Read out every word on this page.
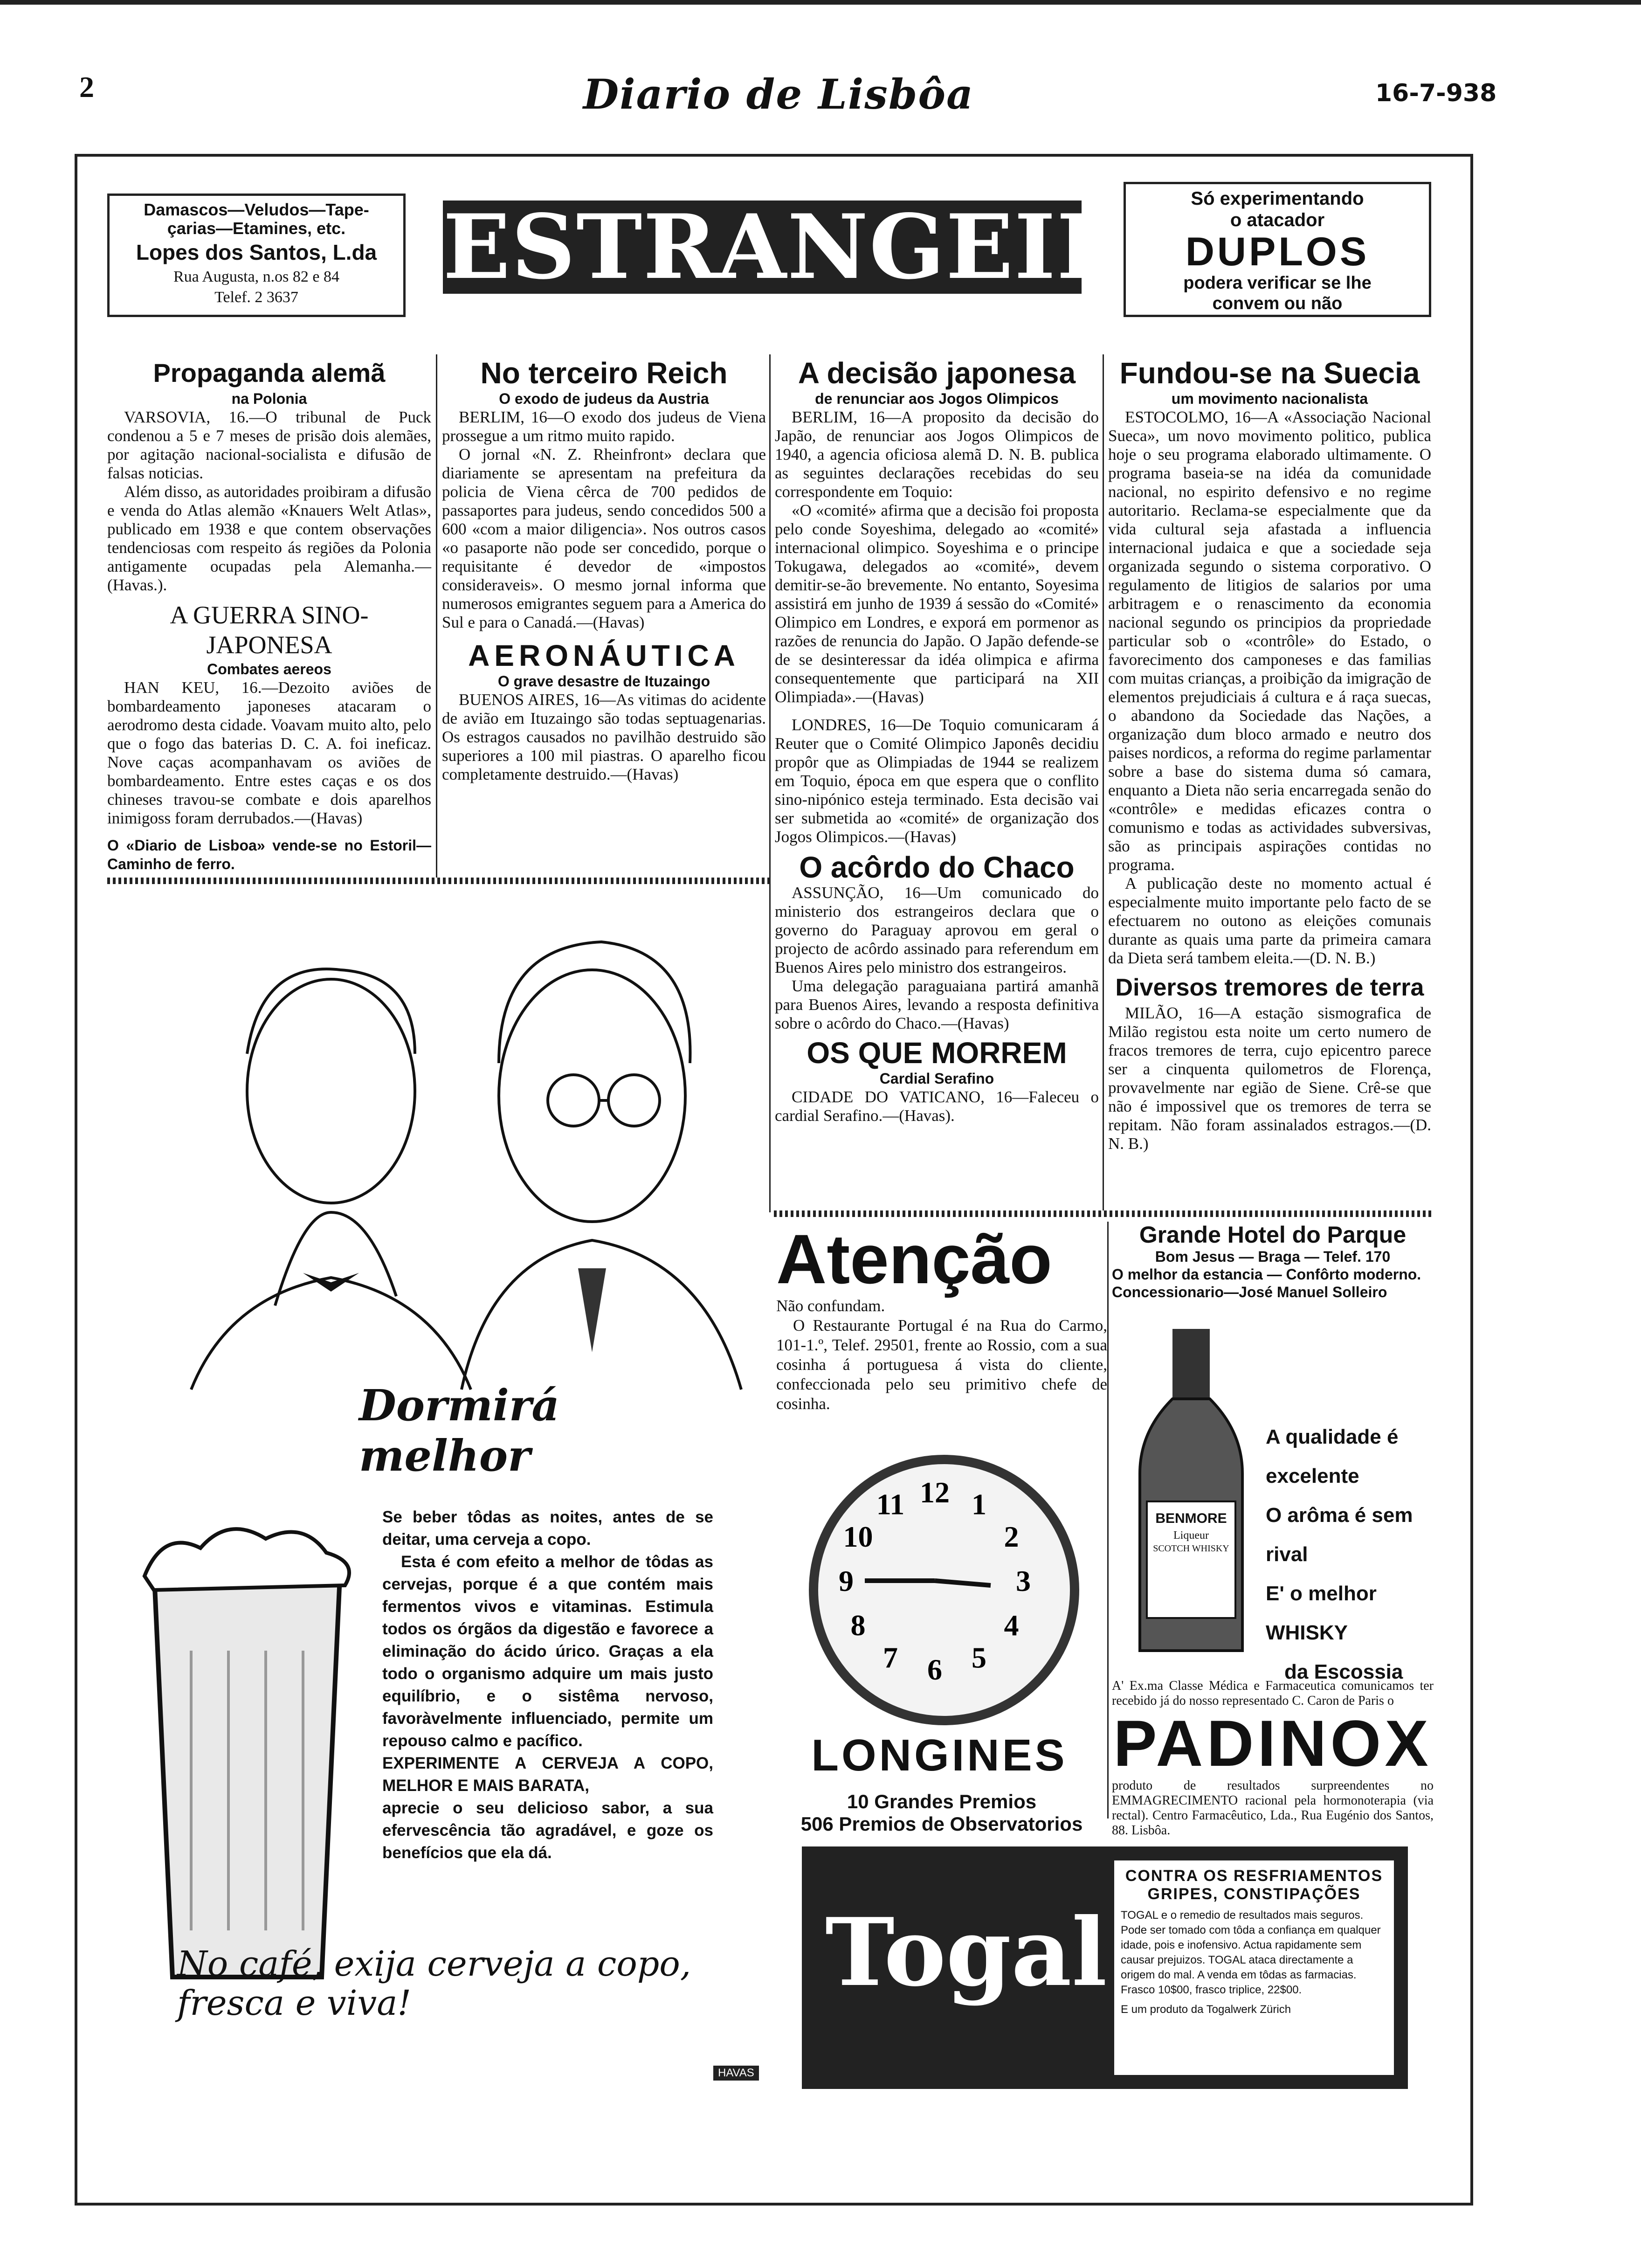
2	Diario de Lisbôa	16-7-938
Damascos—Veludos—Tape-
çarias—Etamines, etc.
Lopes dos Santos, L.da
Rua Augusta, n.os 82 e 84
Telef. 2 3637	ESTRANGEIRO
Só experimentando
o atacador
DUPLOS
podera verificar se lhe
convem ou não

Propaganda alemã

na Polonia

VARSOVIA, 16.—O tribunal de Puck condenou a 5 e 7 meses de prisão dois alemães, por agitação nacional-socialista e difusão de falsas noticias.

Além disso, as autoridades proibiram a difusão e venda do Atlas alemão «Knauers Welt Atlas», publicado em 1938 e que contem observações tendenciosas com respeito ás regiões da Polonia antigamente ocupadas pela Alemanha.—(Havas.).

A GUERRA SINO-JAPONESA

Combates aereos

HAN KEU, 16.—Dezoito aviões de bombardeamento japoneses atacaram o aerodromo desta cidade. Voavam muito alto, pelo que o fogo das baterias D. C. A. foi ineficaz. Nove caças acompanhavam os aviões de bombardeamento. Entre estes caças e os dos chineses travou-se combate e dois aparelhos inimigoss foram derrubados.—(Havas)

O «Diario de Lisboa» vende-se no Estoril—Caminho de ferro.

No terceiro Reich

O exodo de judeus da Austria

BERLIM, 16—O exodo dos judeus de Viena prossegue a um ritmo muito rapido.

O jornal «N. Z. Rheinfront» declara que diariamente se apresentam na prefeitura da policia de Viena cêrca de 700 pedidos de passaportes para judeus, sendo concedidos 500 a 600 «com a maior diligencia». Nos outros casos «o pasaporte não pode ser concedido, porque o requisitante é devedor de «impostos consideraveis». O mesmo jornal informa que numerosos emigrantes seguem para a America do Sul e para o Canadá.—(Havas)

AERONÁUTICA

O grave desastre de Ituzaingo

BUENOS AIRES, 16—As vitimas do acidente de avião em Ituzaingo são todas septuagenarias. Os estragos causados no pavilhão destruido são superiores a 100 mil piastras. O aparelho ficou completamente destruido.—(Havas)

A decisão japonesa

de renunciar aos Jogos Olimpicos

BERLIM, 16—A proposito da decisão do Japão, de renunciar aos Jogos Olimpicos de 1940, a agencia oficiosa alemã D. N. B. publica as seguintes declarações recebidas do seu correspondente em Toquio:

«O «comité» afirma que a decisão foi proposta pelo conde Soyeshima, delegado ao «comité» internacional olimpico. Soyeshima e o principe Tokugawa, delegados ao «comité», devem demitir-se-ão brevemente. No entanto, Soyesima assistirá em junho de 1939 á sessão do «Comité» Olimpico em Londres, e exporá em pormenor as razões de renuncia do Japão. O Japão defende-se de se desinteressar da idéa olimpica e afirma consequentemente que participará na XII Olimpiada».—(Havas)

LONDRES, 16—De Toquio comunicaram á Reuter que o Comité Olimpico Japonês decidiu propôr que as Olimpiadas de 1944 se realizem em Toquio, época em que espera que o conflito sino-nipónico esteja terminado. Esta decisão vai ser submetida ao «comité» de organização dos Jogos Olimpicos.—(Havas)

O acôrdo do Chaco

ASSUNÇÃO, 16—Um comunicado do ministerio dos estrangeiros declara que o governo do Paraguay aprovou em geral o projecto de acôrdo assinado para referendum em Buenos Aires pelo ministro dos estrangeiros.

Uma delegação paraguaiana partirá amanhã para Buenos Aires, levando a resposta definitiva sobre o acôrdo do Chaco.—(Havas)

OS QUE MORREM

Cardial Serafino

CIDADE DO VATICANO, 16—Faleceu o cardial Serafino.—(Havas).

Fundou-se na Suecia

um movimento nacionalista

ESTOCOLMO, 16—A «Associação Nacional Sueca», um novo movimento politico, publica hoje o seu programa elaborado ultimamente. O programa baseia-se na idéa da comunidade nacional, no espirito defensivo e no regime autoritario. Reclama-se especialmente que da vida cultural seja afastada a influencia internacional judaica e que a sociedade seja organizada segundo o sistema corporativo. O regulamento de litigios de salarios por uma arbitragem e o renascimento da economia nacional segundo os principios da propriedade particular sob o «contrôle» do Estado, o favorecimento dos camponeses e das familias com muitas crianças, a proibição da imigração de elementos prejudiciais á cultura e á raça suecas, o abandono da Sociedade das Nações, a organização dum bloco armado e neutro dos paises nordicos, a reforma do regime parlamentar sobre a base do sistema duma só camara, enquanto a Dieta não seria encarregada senão do «contrôle» e medidas eficazes contra o comunismo e todas as actividades subversivas, são as principais aspirações contidas no programa.

A publicação deste no momento actual é especialmente muito importante pelo facto de se efectuarem no outono as eleições comunais durante as quais uma parte da primeira camara da Dieta será tambem eleita.—(D. N. B.)

Diversos tremores de terra

MILÃO, 16—A estação sismografica de Milão registou esta noite um certo numero de fracos tremores de terra, cujo epicentro parece ser a cinquenta quilometros de Florença, provavelmente nar egião de Siene. Crê-se que não é impossivel que os tremores de terra se repitam. Não foram assinalados estragos.—(D. N. B.)

Dormirá melhor
Se beber tôdas as noites, antes de se deitar, uma cerveja a copo.
Esta é com efeito a melhor de tôdas as cervejas, porque é a que contém mais fermentos vivos e vitaminas. Estimula todos os órgãos da digestão e favorece a eliminação do ácido úrico. Graças a ela todo o organismo adquire um mais justo equilíbrio, e o sistêma nervoso, favoràvelmente influenciado, permite um repouso calmo e pacífico.
EXPERIMENTE A CERVEJA A COPO, MELHOR E MAIS BARATA,
aprecie o seu delicioso sabor, a sua efervescência tão agradável, e goze os benefícios que ela dá.
No café, exija cerveja a copo, fresca e viva!
HAVAS
Atenção
Não confundam.
O Restaurante Portugal é na Rua do Carmo, 101-1.º, Telef. 29501, frente ao Rossio, com a sua cosinha á portuguesa á vista do cliente, confeccionada pelo seu primitivo chefe de cosinha.
Grande Hotel do Parque
Bom Jesus — Braga — Telef. 170
O melhor da estancia — Confôrto moderno.
Concessionario—José Manuel Solleiro
BENMORE
Liqueur
SCOTCH WHISKY
A qualidade é excelente
O arôma é sem rival
E' o melhor WHISKY
da Escossia
12 1
2
3
4
5
6
7
8
9
10
11
LONGINES
10 Grandes Premios
506 Premios de Observatorios
A' Ex.ma Classe Médica e Farmaceutica comunicamos ter recebido já do nosso representado C. Caron de Paris o
PADINOX
produto de resultados surpreendentes no EMMAGRECIMENTO racional pela hormonoterapia (via rectal). Centro Farmacêutico, Lda., Rua Eugénio dos Santos, 88. Lisbôa.
Togal
CONTRA OS RESFRIAMENTOS
GRIPES, CONSTIPAÇÕES
TOGAL e o remedio de resultados mais seguros. Pode ser tomado com tôda a confiança em qualquer idade, pois e inofensivo. Actua rapidamente sem causar prejuizos. TOGAL ataca directamente a origem do mal. A venda em tôdas as farmacias. Frasco 10$00, frasco triplice, 22$00.
E um produto da Togalwerk Zürich
